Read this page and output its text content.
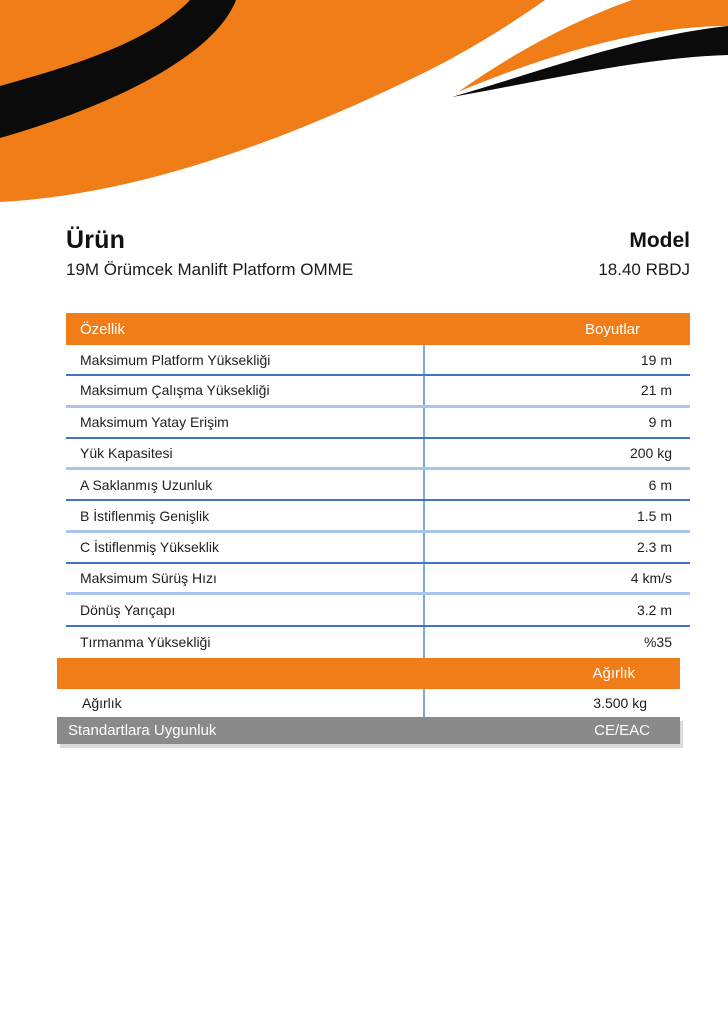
Ürün
19M Örümcek Manlift Platform OMME
Model
18.40 RBDJ
Özellik	Boyutlar
Maksimum Platform Yüksekliği	19 m
Maksimum Çalışma Yüksekliği	21 m
Maksimum Yatay Erişim	9 m
Yük Kapasitesi	200 kg
A Saklanmış Uzunluk	6 m
B İstiflenmiş Genişlik	1.5 m
C İstiflenmiş Yükseklik	2.3 m
Maksimum Sürüş Hızı	4 km/s
Dönüş Yarıçapı	3.2 m
Tırmanma Yüksekliği	%35
Ağırlık
Ağırlık	3.500 kg
Standartlara Uygunluk	CE/EAC
